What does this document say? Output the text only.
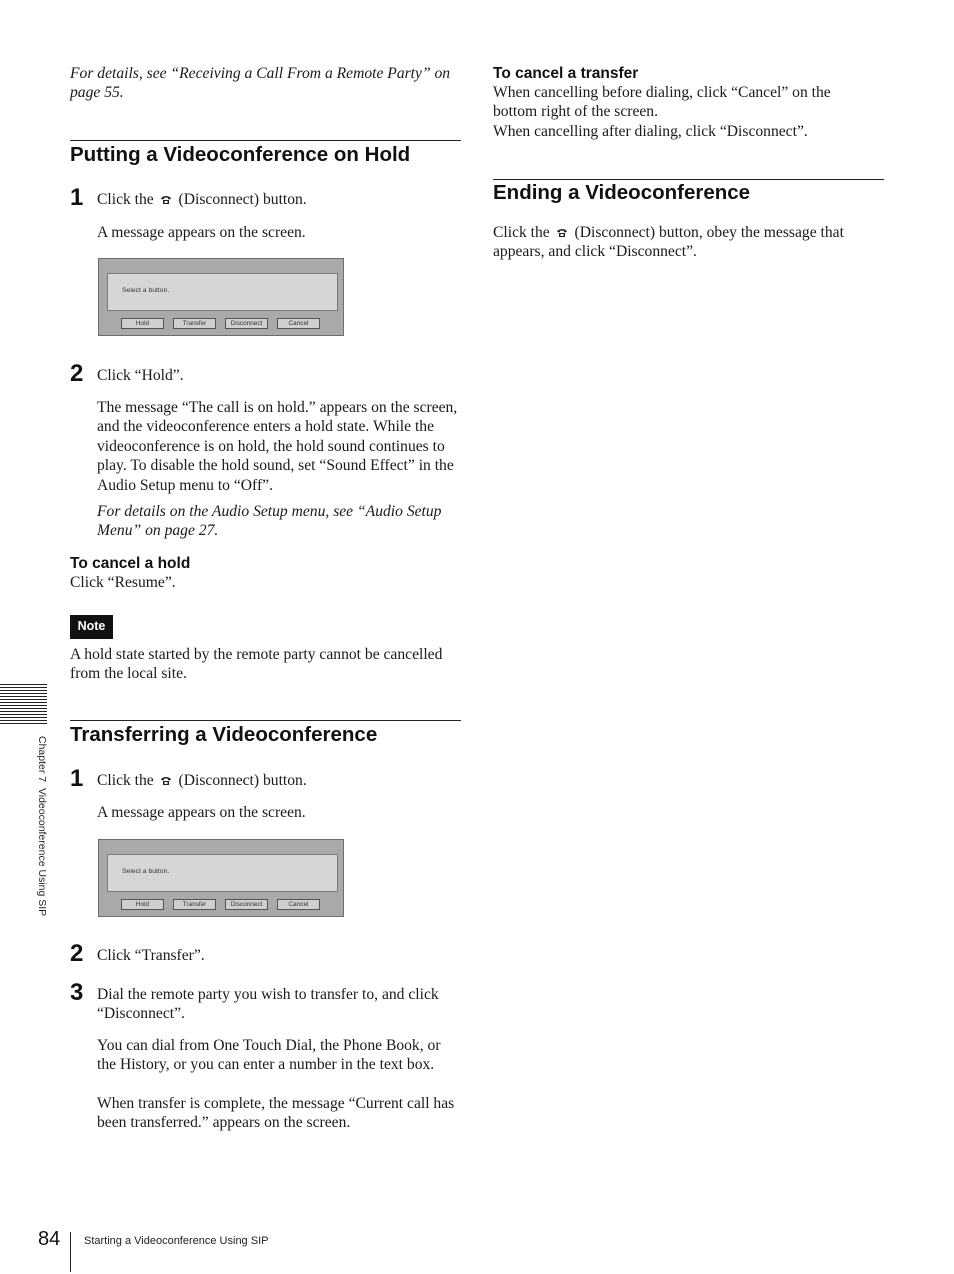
For details, see “Receiving a Call From a Remote Party” on page 55.

Putting a Videoconference on Hold
1 Click the (Disconnect) button.

A message appears on the screen.

Select a button.
Hold	Transfer	Disconnect	Cancel
2 Click “Hold”.

The message “The call is on hold.” appears on the screen, and the videoconference enters a hold state. While the videoconference is on hold, the hold sound continues to play. To disable the hold sound, set “Sound Effect” in the Audio Setup menu to “Off”.

For details on the Audio Setup menu, see “Audio Setup Menu” on page 27.

To cancel a hold

Click “Resume”.

Note

A hold state started by the remote party cannot be cancelled from the local site.

Transferring a Videoconference
1 Click the (Disconnect) button.

A message appears on the screen.

Select a button.
Hold	Transfer	Disconnect	Cancel
2 Click “Transfer”.

3 Dial the remote party you wish to transfer to, and click “Disconnect”.

You can dial from One Touch Dial, the Phone Book, or the History, or you can enter a number in the text box.

When transfer is complete, the message “Current call has been transferred.” appears on the screen.

To cancel a transfer

When cancelling before dialing, click “Cancel” on the bottom right of the screen.

When cancelling after dialing, click “Disconnect”.

Ending a Videoconference

Click the (Disconnect) button, obey the message that appears, and click “Disconnect”.

Chapter 7  Videoconference Using SIP
84 Starting a Videoconference Using SIP
